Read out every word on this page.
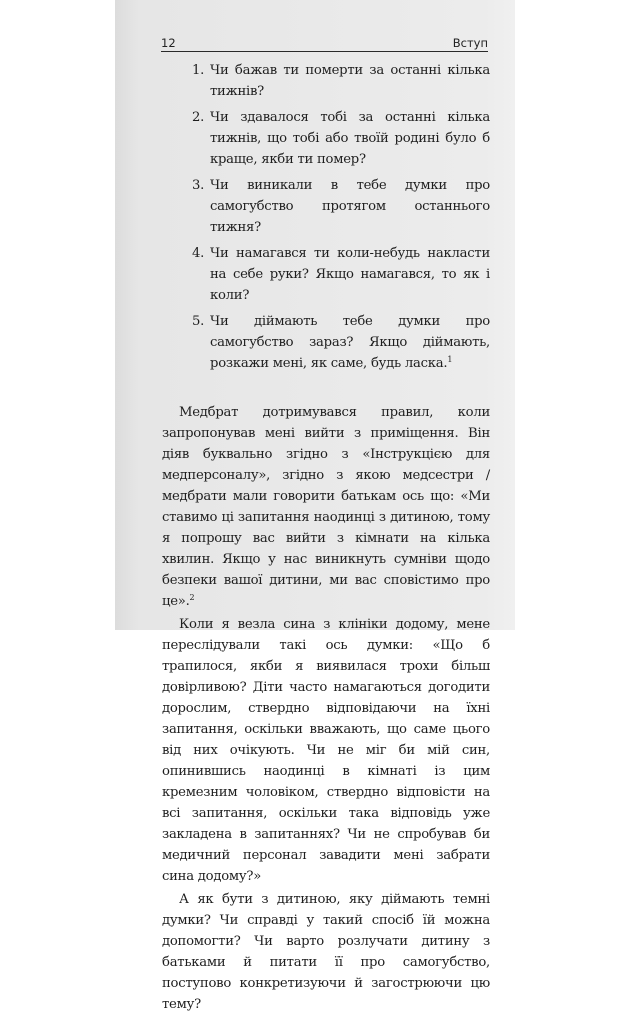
12	Вступ
1. Чи бажав ти померти за останні кілька тижнів?
2. Чи здавалося тобі за останні кілька тижнів, що тобі або твоїй родині було б краще, якби ти помер?
3. Чи виникали в тебе думки про самогубство протягом останнього тижня?
4. Чи намагався ти коли-небудь накласти на себе руки? Якщо намагався, то як і коли?
5. Чи діймають тебе думки про самогубство зараз? Якщо діймають, розкажи мені, як саме, будь ласка.$^1$

Медбрат дотримувався правил, коли запропонував мені вийти з приміщення. Він діяв буквально згідно з «Інструкцією для медперсоналу», згідно з якою медсестри / медбрати мали говорити батькам ось що: «Ми ставимо ці запитання наодинці з дитиною, тому я попрошу вас вийти з кімнати на кілька хвилин. Якщо у нас виникнуть сумніви щодо безпеки вашої дитини, ми вас сповістимо про це».$^2$

Коли я везла сина з клініки додому, мене переслідували такі ось думки: «Що б трапилося, якби я виявилася трохи більш довірливою? Діти часто намагаються догодити дорослим, ствердно відповідаючи на їхні запитання, оскільки вважають, що саме цього від них очікують. Чи не міг би мій син, опинившись наодинці в кімнаті із цим кремезним чоловіком, ствердно відповісти на всі запитання, оскільки така відповідь уже закладена в запитаннях? Чи не спробував би медичний персонал завадити мені забрати сина додому?»

А як бути з дитиною, яку діймають темні думки? Чи справді у такий спосіб їй можна допомогти? Чи варто розлучати дитину з батьками й питати її про самогубство, поступово конкретизуючи й загострюючи цю тему?
